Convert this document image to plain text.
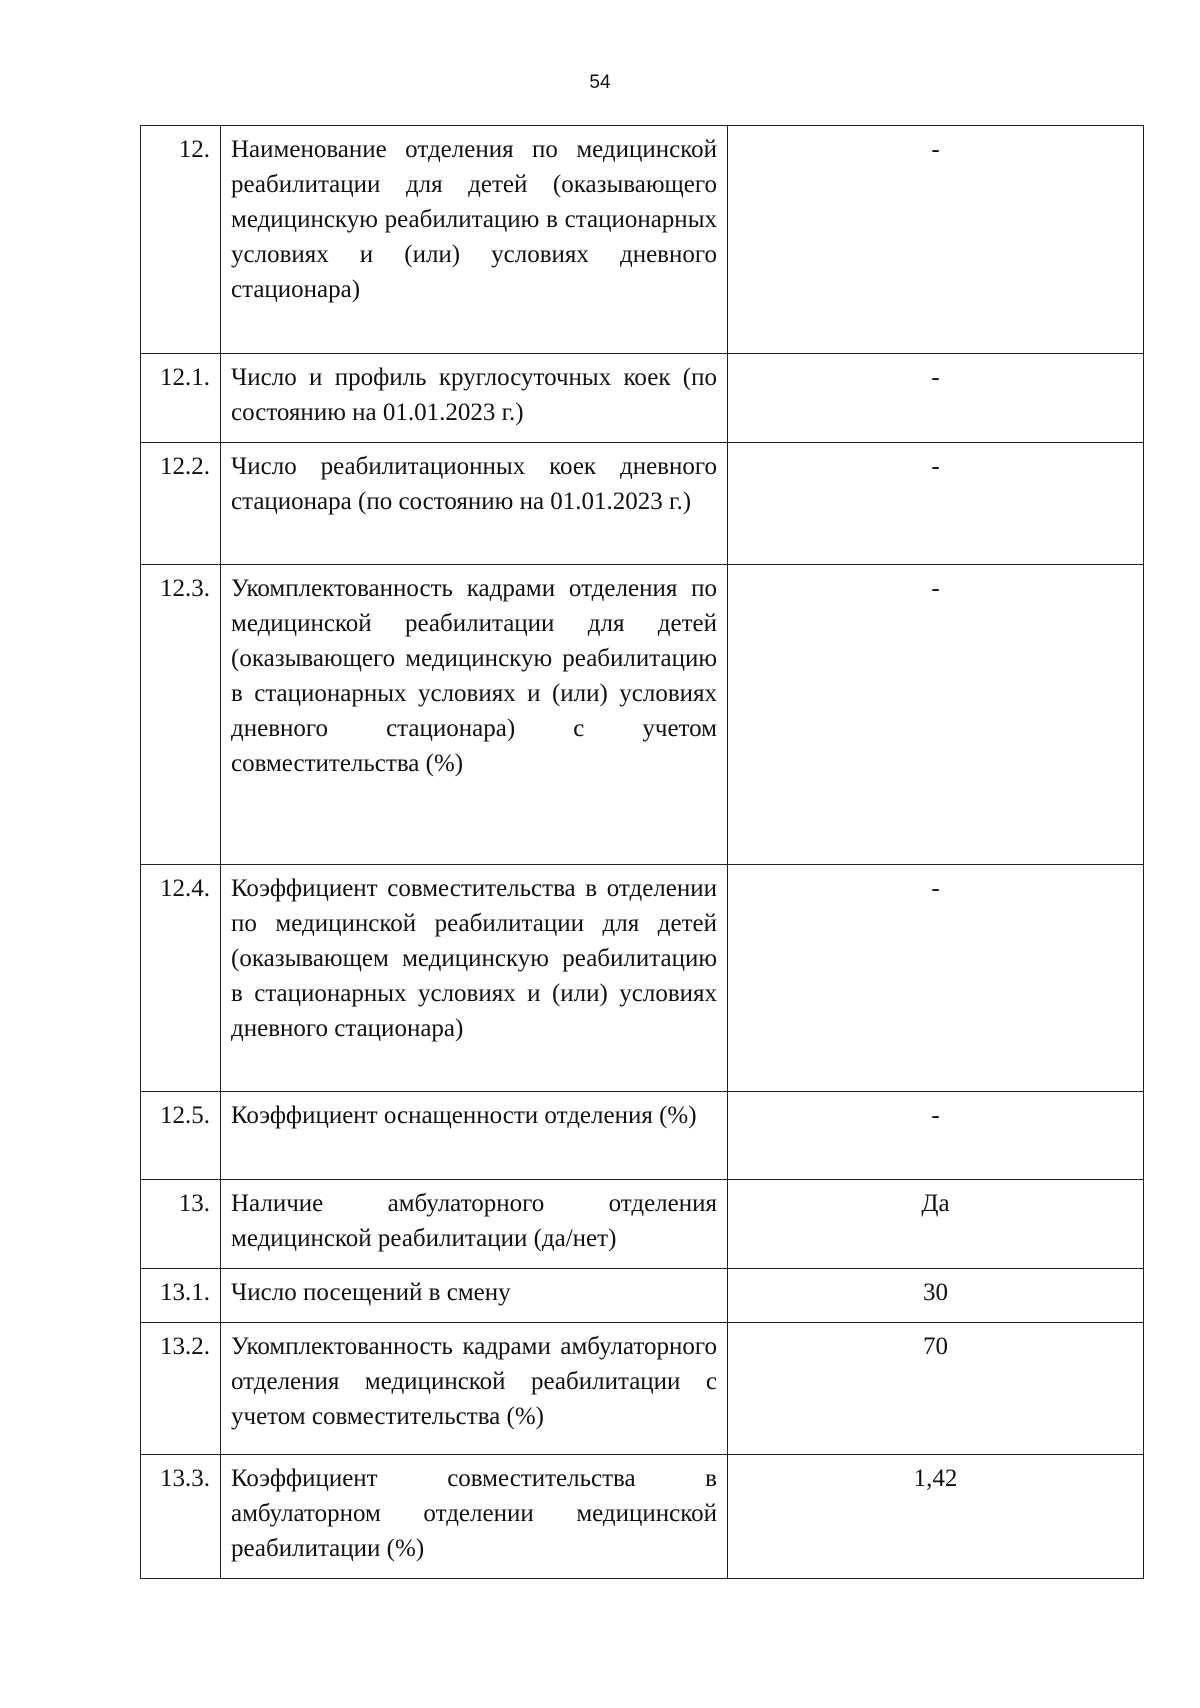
54
12.	Наименование отделения по медицинской реабилитации для детей (оказывающего медицинскую реабилитацию в стационарных условиях и (или) условиях дневного стационара)	-
12.1.	Число и профиль круглосуточных коек (по состоянию на 01.01.2023 г.)	-
12.2.	Число реабилитационных коек дневного стационара (по состоянию на 01.01.2023 г.)	-
12.3.	Укомплектованность кадрами отделения по медицинской реабилитации для детей (оказывающего медицинскую реабилитацию в стационарных условиях и (или) условиях дневного стационара) с учетом совместительства (%)	-
12.4.	Коэффициент совместительства в отделении по медицинской реабилитации для детей (оказывающем медицинскую реабилитацию в стационарных условиях и (или) условиях дневного стационара)	-
12.5.	Коэффициент оснащенности отделения (%)	-
13.	Наличие амбулаторного отделения медицинской реабилитации (да/нет)	Да
13.1.	Число посещений в смену	30
13.2.	Укомплектованность кадрами амбулаторного отделения медицинской реабилитации с учетом совместительства (%)	70
13.3.	Коэффициент совместительства в амбулаторном отделении медицинской реабилитации (%)	1,42
